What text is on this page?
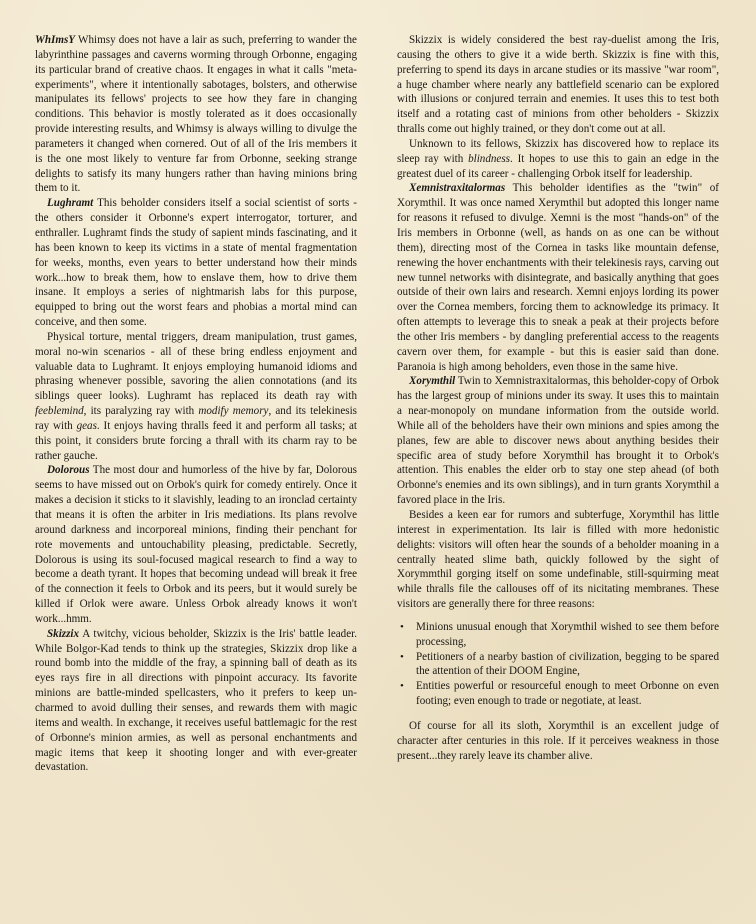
WhImsY Whimsy does not have a lair as such, preferring to wander the labyrinthine passages and caverns worming through Orbonne, engaging its particular brand of creative chaos. It engages in what it calls "meta-experiments", where it intentionally sabotages, bolsters, and otherwise manipulates its fellows' projects to see how they fare in changing conditions. This behavior is mostly tolerated as it does occasionally provide interesting results, and Whimsy is always willing to divulge the parameters it changed when cornered. Out of all of the Iris members it is the one most likely to venture far from Orbonne, seeking strange delights to satisfy its many hungers rather than having minions bring them to it.

Lughramt This beholder considers itself a social scientist of sorts - the others consider it Orbonne's expert interrogator, torturer, and enthraller. Lughramt finds the study of sapient minds fascinating, and it has been known to keep its victims in a state of mental fragmentation for weeks, months, even years to better understand how their minds work...how to break them, how to enslave them, how to drive them insane. It employs a series of nightmarish labs for this purpose, equipped to bring out the worst fears and phobias a mortal mind can conceive, and then some.

Physical torture, mental triggers, dream manipulation, trust games, moral no-win scenarios - all of these bring endless enjoyment and valuable data to Lughramt. It enjoys employing humanoid idioms and phrasing whenever possible, savoring the alien connotations (and its siblings queer looks). Lughramt has replaced its death ray with feeblemind, its paralyzing ray with modify memory, and its telekinesis ray with geas. It enjoys having thralls feed it and perform all tasks; at this point, it considers brute forcing a thrall with its charm ray to be rather gauche.

Dolorous The most dour and humorless of the hive by far, Dolorous seems to have missed out on Orbok's quirk for comedy entirely. Once it makes a decision it sticks to it slavishly, leading to an ironclad certainty that means it is often the arbiter in Iris mediations. Its plans revolve around darkness and incorporeal minions, finding their penchant for rote movements and untouchability pleasing, predictable. Secretly, Dolorous is using its soul-focused magical research to find a way to become a death tyrant. It hopes that becoming undead will break it free of the connection it feels to Orbok and its peers, but it would surely be killed if Orlok were aware. Unless Orbok already knows it won't work...hmm.

Skizzix A twitchy, vicious beholder, Skizzix is the Iris' battle leader. While Bolgor-Kad tends to think up the strategies, Skizzix drop like a round bomb into the middle of the fray, a spinning ball of death as its eyes rays fire in all directions with pinpoint accuracy. Its favorite minions are battle-minded spellcasters, who it prefers to keep un-charmed to avoid dulling their senses, and rewards them with magic items and wealth. In exchange, it receives useful battlemagic for the rest of Orbonne's minion armies, as well as personal enchantments and magic items that keep it shooting longer and with ever-greater devastation.

Skizzix is widely considered the best ray-duelist among the Iris, causing the others to give it a wide berth. Skizzix is fine with this, preferring to spend its days in arcane studies or its massive "war room", a huge chamber where nearly any battlefield scenario can be explored with illusions or conjured terrain and enemies. It uses this to test both itself and a rotating cast of minions from other beholders - Skizzix thralls come out highly trained, or they don't come out at all.

Unknown to its fellows, Skizzix has discovered how to replace its sleep ray with blindness. It hopes to use this to gain an edge in the greatest duel of its career - challenging Orbok itself for leadership.

Xemnistraxitalormas This beholder identifies as the "twin" of Xorymthil. It was once named Xerymthil but adopted this longer name for reasons it refused to divulge. Xemni is the most "hands-on" of the Iris members in Orbonne (well, as hands on as one can be without them), directing most of the Cornea in tasks like mountain defense, renewing the hover enchantments with their telekinesis rays, carving out new tunnel networks with disintegrate, and basically anything that goes outside of their own lairs and research. Xemni enjoys lording its power over the Cornea members, forcing them to acknowledge its primacy. It often attempts to leverage this to sneak a peak at their projects before the other Iris members - by dangling preferential access to the reagents cavern over them, for example - but this is easier said than done. Paranoia is high among beholders, even those in the same hive.

Xorymthil Twin to Xemnistraxitalormas, this beholder-copy of Orbok has the largest group of minions under its sway. It uses this to maintain a near-monopoly on mundane information from the outside world. While all of the beholders have their own minions and spies among the planes, few are able to discover news about anything besides their specific area of study before Xorymthil has brought it to Orbok's attention. This enables the elder orb to stay one step ahead (of both Orbonne's enemies and its own siblings), and in turn grants Xorymthil a favored place in the Iris.

Besides a keen ear for rumors and subterfuge, Xorymthil has little interest in experimentation. Its lair is filled with more hedonistic delights: visitors will often hear the sounds of a beholder moaning in a centrally heated slime bath, quickly followed by the sight of Xorymmthil gorging itself on some undefinable, still-squirming meat while thralls file the callouses off of its nicitating membranes. These visitors are generally there for three reasons:

• Minions unusual enough that Xorymthil wished to see them before processing,
• Petitioners of a nearby bastion of civilization, begging to be spared the attention of their DOOM Engine,
• Entities powerful or resourceful enough to meet Orbonne on even footing; even enough to trade or negotiate, at least.

Of course for all its sloth, Xorymthil is an excellent judge of character after centuries in this role. If it perceives weakness in those present...they rarely leave its chamber alive.
